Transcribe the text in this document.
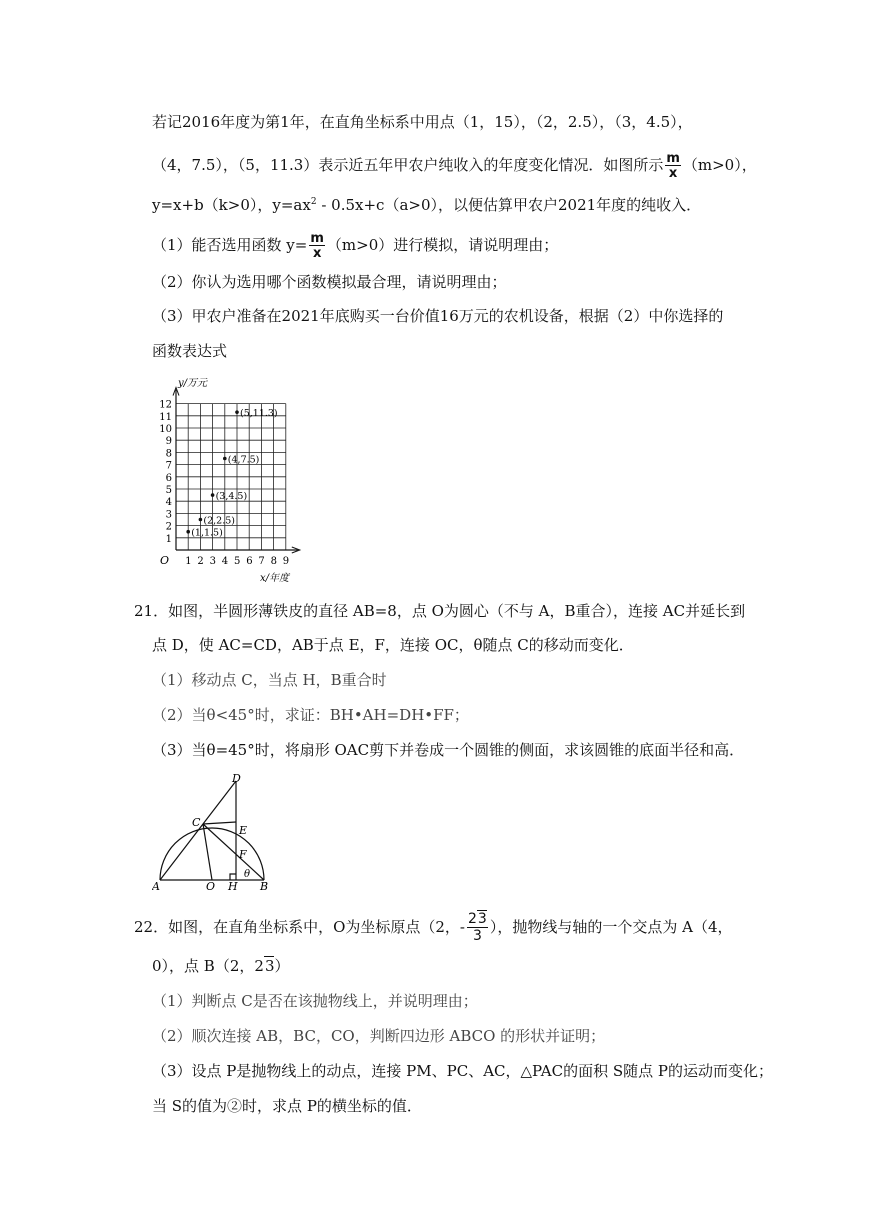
若记2016年度为第1年，在直角坐标系中用点（1，15），（2，2.5），（3，4.5），
（4，7.5），（5，11.3）表示近五年甲农户纯收入的年度变化情况．如图所示 $\frac{m}{x} (m>0)$，
y=x+b（k>0），$y=ax^2 - 0.5x+c(a>0)$，以便估算甲农户2021年度的纯收入．
（1）能否选用函数 $y= \frac{m}{x} (m>0)$进行模拟，请说明理由；
（2）你认为选用哪个函数模拟最合理，请说明理由；
（3）甲农户准备在2021年底购买一台价值16万元的农机设备，根据（2）中你选择的
函数表达式
1 2 3 4 5 6 7 8 9
1
2
3
4
5
6
7
8
9
10
11
12
(1,1.5)
(2,2.5)
(3,4.5)
(4,7.5)
(5,11.3)
y/万元
x/年度
O
21．如图，半圆形薄铁皮的直径 AB=8，点 O为圆心（不与 A，B重合），连接 AC并延长到
点 D，使 AC=CD，AB于点 E，F，连接 OC，θ随点 C的移动而变化．
（1）移动点 C，当点 H，B重合时
（2）当θ<45°时，求证：BH•AH=DH•FF；
（3）当θ=45°时，将扇形 OAC剪下并卷成一个圆锥的侧面，求该圆锥的底面半径和高．
A	O H B
C
D
E
F
θ
22．如图，在直角坐标系中，O为坐标原点（2，- $\frac{23}{3}$ ），抛物线与轴的一个交点为 A（4，
0），点 B（2，23）
（1）判断点 C是否在该抛物线上，并说明理由；
（2）顺次连接 AB，BC，CO，判断四边形 ABCO 的形状并证明；
（3）设点 P是抛物线上的动点，连接 PM、PC、AC，△PAC的面积 S随点 P的运动而变化；
当 S的值为②时，求点 P的横坐标的值．
